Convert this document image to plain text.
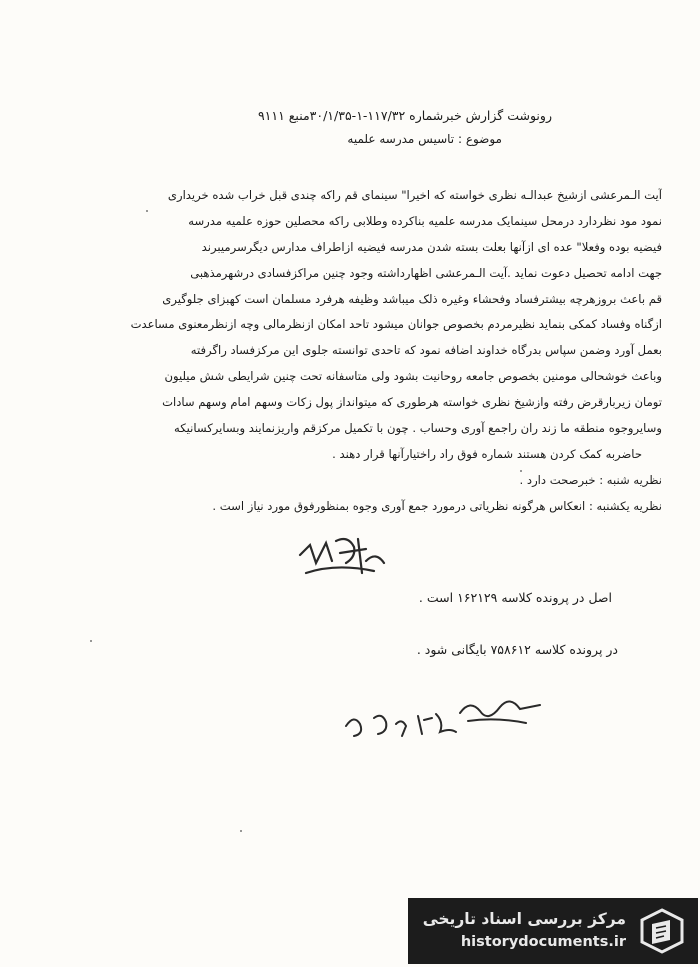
رونوشت گزارش خبرشماره ۱۱۷/۳۲-۱-۳۰/۱/۳۵منبع ۹۱۱۱
موضوع : تاسیس مدرسه علمیه
آیت الـمرعشی ازشیخ عبدالـه نظری خواسته که اخیرا" سینمای قم راکه چندی قبل خراب شده خریداری
نمود مود نظردارد درمحل سینمایک مدرسه علمیه بناکرده وطلابی راکه محصلین حوزه علمیه مدرسه
فیضیه بوده وفعلا" عده ای ازآنها بعلت بسته شدن مدرسه فیضیه ازاطراف مدارس دیگرسرمیبرند
جهت ادامه تحصیل دعوت نماید .آیت الـمرعشی اظهارداشته وجود چنین مراکزفسادی درشهرمذهبی
قم باعث بروزهرچه بیشترفساد وفحشاء وغیره ذلک میباشد وظیفه هرفرد مسلمان است کهبزای جلوگیری
ازگناه وفساد کمکی بنماید نظیرمردم بخصوص جوانان میشود تاحد امکان ازنظرمالی وچه ازنظرمعنوی مساعدت
بعمل آورد وضمن سپاس بدرگاه خداوند اضافه نمود که تاحدی توانسته جلوی این مرکزفساد راگرفته
وباعث خوشحالی مومنین بخصوص جامعه روحانیت بشود ولی متاسفانه تحت چنین شرایطی شش میلیون
تومان زیربارقرض رفته وازشیخ نظری خواسته هرطوری که میتوانداز پول زکات وسهم امام وسهم سادات
وسایروجوه منطقه ما زند ران راجمع آوری وحساب . چون با تکمیل مرکزقم واریزنمایند وبسایرکسانیکه
حاضربه کمک کردن هستند شماره فوق راد راختیارآنها قرار دهند .
نظریه شنبه : خبرصحت دارد .
نظریه یکشنبه : انعکاس هرگونه نظریاتی درمورد جمع آوری وجوه بمنظورفوق مورد نیاز است .
اصل در پرونده کلاسه ۱۶۲۱۲۹ است .
در پرونده کلاسه ۷۵۸۶۱۲ بایگانی شود .
مرکز بررسی اسناد تاریخی
historydocuments.ir
